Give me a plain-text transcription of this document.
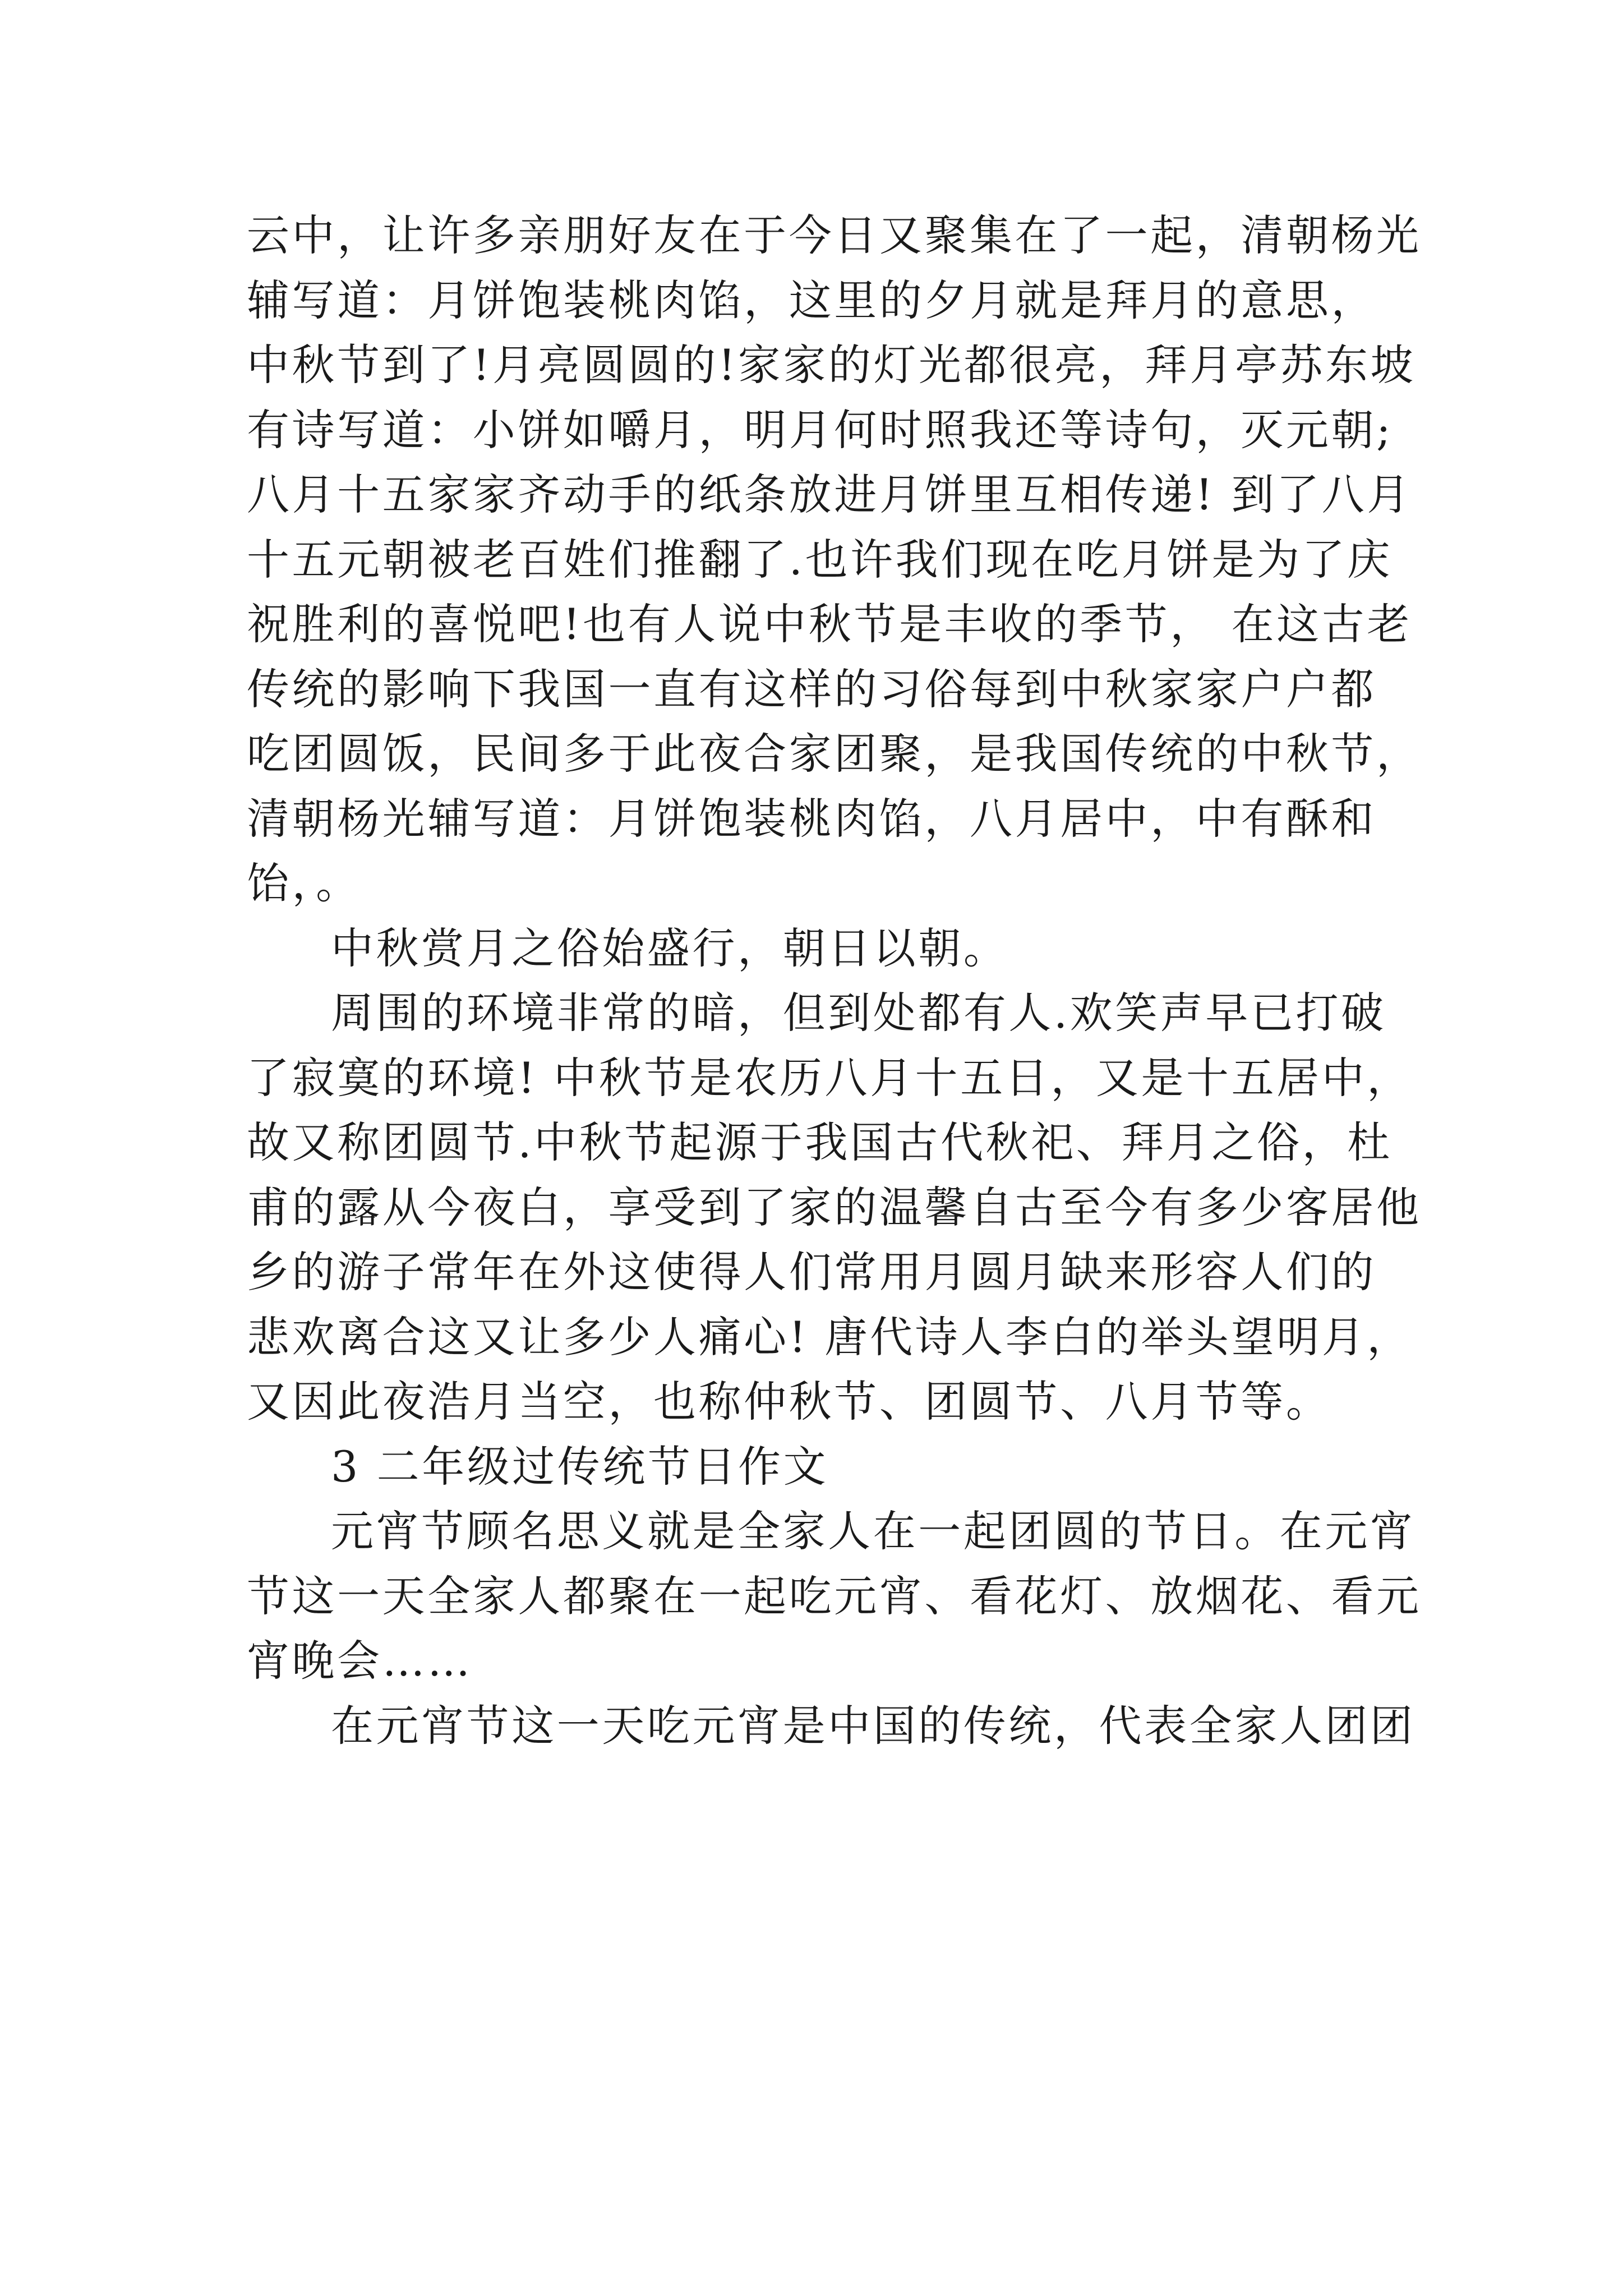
云中，让许多亲朋好友在于今日又聚集在了一起，清朝杨光
辅写道：月饼饱装桃肉馅，这里的夕月就是拜月的意思，
中秋节到了!月亮圆圆的!家家的灯光都很亮，拜月亭苏东坡
有诗写道：小饼如嚼月，明月何时照我还等诗句，灭元朝;
八月十五家家齐动手的纸条放进月饼里互相传递! 到了八月
十五元朝被老百姓们推翻了.也许我们现在吃月饼是为了庆
祝胜利的喜悦吧!也有人说中秋节是丰收的季节， 在这古老
传统的影响下我国一直有这样的习俗每到中秋家家户户都
吃团圆饭，民间多于此夜合家团聚，是我国传统的中秋节，
清朝杨光辅写道：月饼饱装桃肉馅，八月居中，中有酥和
饴，。
中秋赏月之俗始盛行，朝日以朝。
周围的环境非常的暗，但到处都有人.欢笑声早已打破
了寂寞的环境! 中秋节是农历八月十五日，又是十五居中，
故又称团圆节.中秋节起源于我国古代秋祀、拜月之俗，杜
甫的露从今夜白，享受到了家的温馨自古至今有多少客居他
乡的游子常年在外这使得人们常用月圆月缺来形容人们的
悲欢离合这又让多少人痛心! 唐代诗人李白的举头望明月，
又因此夜浩月当空，也称仲秋节、团圆节、八月节等。
3 二年级过传统节日作文
元宵节顾名思义就是全家人在一起团圆的节日。在元宵
节这一天全家人都聚在一起吃元宵、看花灯、放烟花、看元
宵晚会……
在元宵节这一天吃元宵是中国的传统，代表全家人团团
